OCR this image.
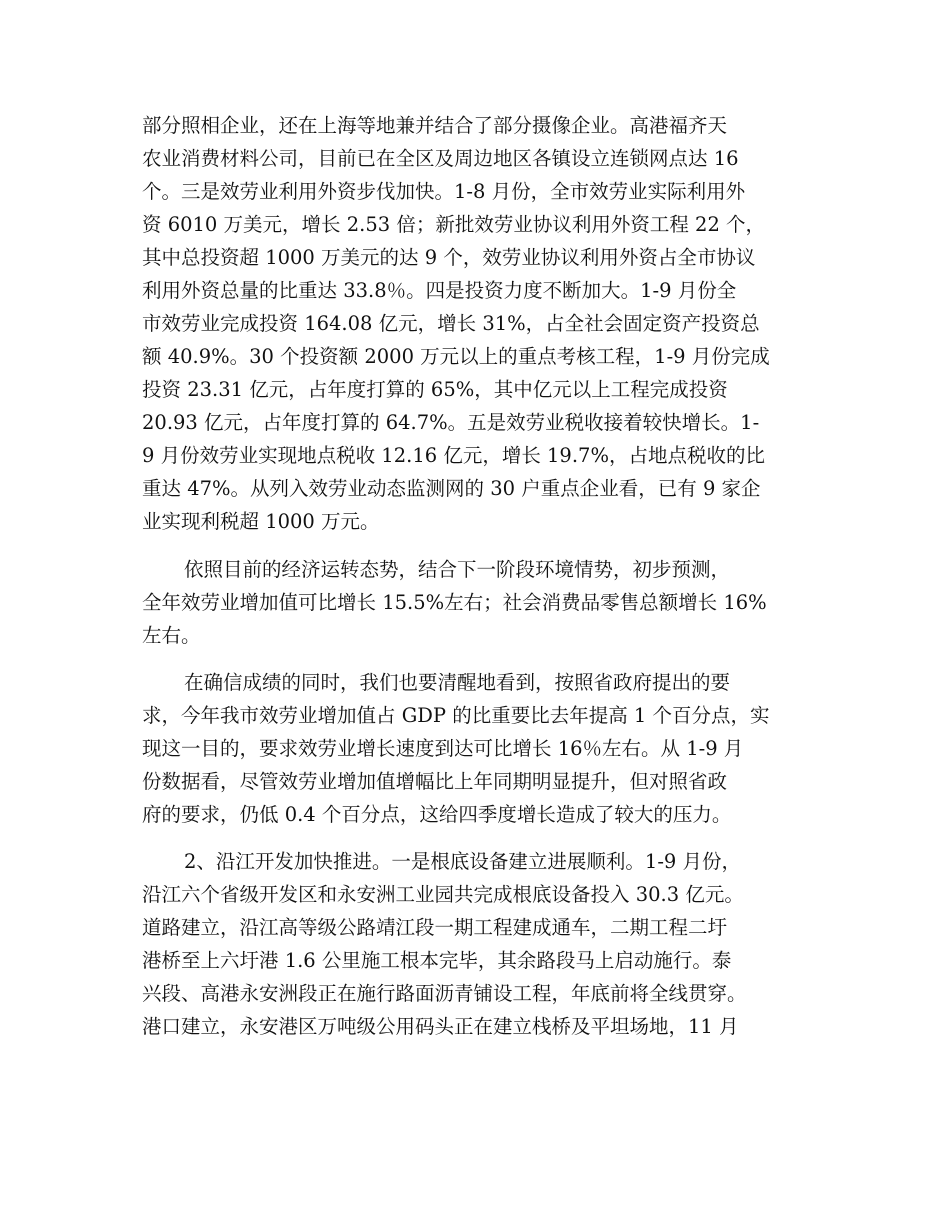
部分照相企业，还在上海等地兼并结合了部分摄像企业。高港福齐天
农业消费材料公司，目前已在全区及周边地区各镇设立连锁网点达 16
个。三是效劳业利用外资步伐加快。1-8 月份，全市效劳业实际利用外
资 6010 万美元，增长 2.53 倍；新批效劳业协议利用外资工程 22 个，
其中总投资超 1000 万美元的达 9 个，效劳业协议利用外资占全市协议
利用外资总量的比重达 33.8％。四是投资力度不断加大。1-9 月份全
市效劳业完成投资 164.08 亿元，增长 31%，占全社会固定资产投资总
额 40.9%。30 个投资额 2000 万元以上的重点考核工程，1-9 月份完成
投资 23.31 亿元，占年度打算的 65%，其中亿元以上工程完成投资
20.93 亿元，占年度打算的 64.7%。五是效劳业税收接着较快增长。1-
9 月份效劳业实现地点税收 12.16 亿元，增长 19.7%，占地点税收的比
重达 47%。从列入效劳业动态监测网的 30 户重点企业看，已有 9 家企
业实现利税超 1000 万元。
依照目前的经济运转态势，结合下一阶段环境情势，初步预测，
全年效劳业增加值可比增长 15.5%左右；社会消费品零售总额增长 16%
左右。
在确信成绩的同时，我们也要清醒地看到，按照省政府提出的要
求，今年我市效劳业增加值占 GDP 的比重要比去年提高 1 个百分点，实
现这一目的，要求效劳业增长速度到达可比增长 16％左右。从 1-9 月
份数据看，尽管效劳业增加值增幅比上年同期明显提升，但对照省政
府的要求，仍低 0.4 个百分点，这给四季度增长造成了较大的压力。
2、沿江开发加快推进。一是根底设备建立进展顺利。1-9 月份，
沿江六个省级开发区和永安洲工业园共完成根底设备投入 30.3 亿元。
道路建立，沿江高等级公路靖江段一期工程建成通车，二期工程二圩
港桥至上六圩港 1.6 公里施工根本完毕，其余路段马上启动施行。泰
兴段、高港永安洲段正在施行路面沥青铺设工程，年底前将全线贯穿。
港口建立，永安港区万吨级公用码头正在建立栈桥及平坦场地，11 月
